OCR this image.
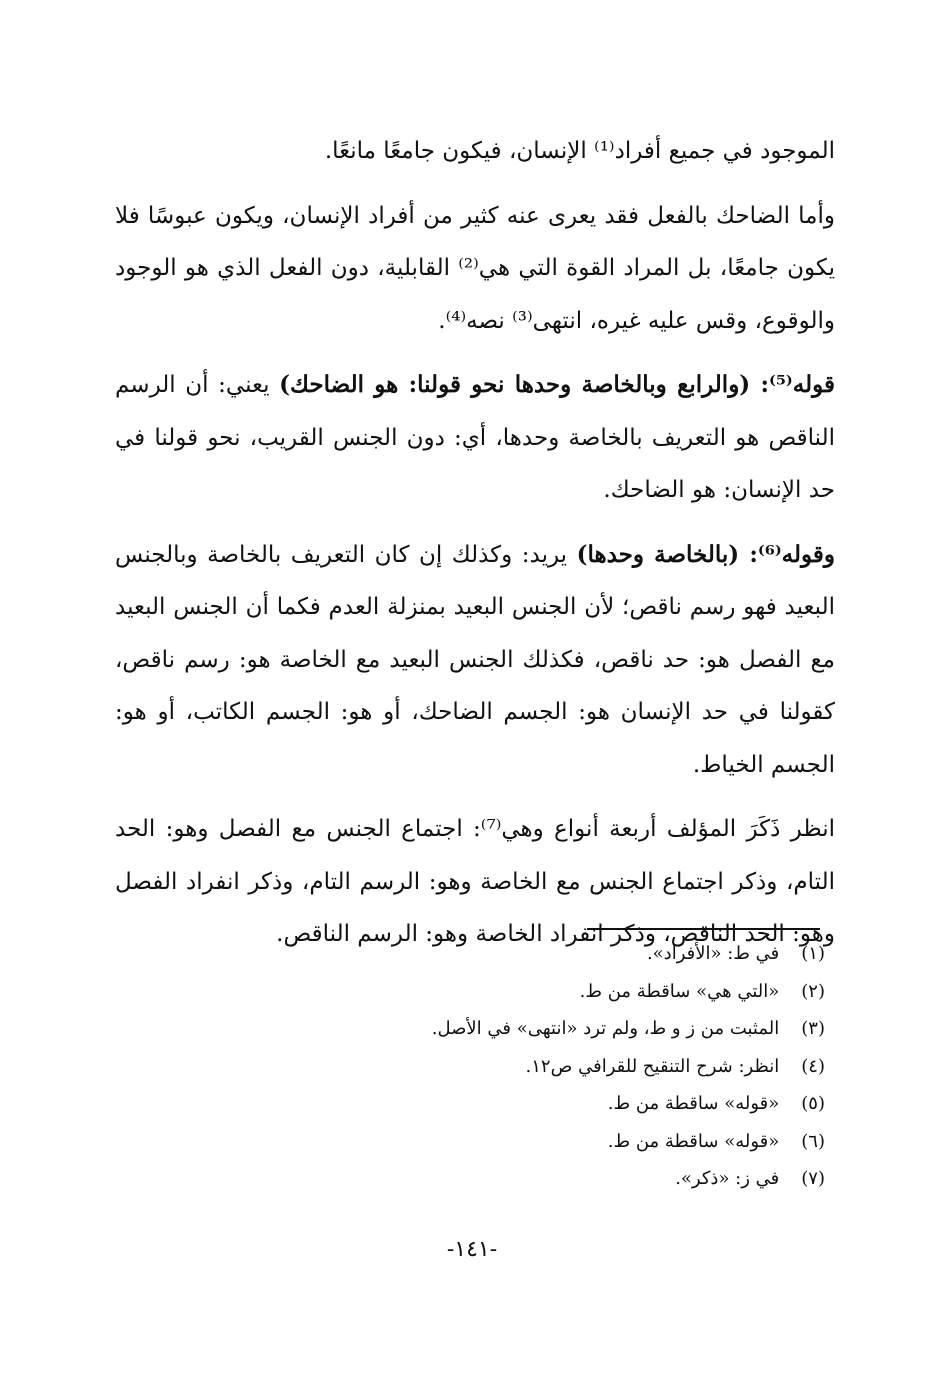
الموجود في جميع أفراد⁽¹⁾ الإنسان، فيكون جامعًا مانعًا.

وأما الضاحك بالفعل فقد يعرى عنه كثير من أفراد الإنسان، ويكون عبوسًا فلا يكون جامعًا، بل المراد القوة التي هي⁽²⁾ القابلية، دون الفعل الذي هو الوجود والوقوع، وقس عليه غيره، انتهى⁽³⁾ نصه⁽⁴⁾.

قوله⁽⁵⁾: (والرابع وبالخاصة وحدها نحو قولنا: هو الضاحك) يعني: أن الرسم الناقص هو التعريف بالخاصة وحدها، أي: دون الجنس القريب، نحو قولنا في حد الإنسان: هو الضاحك.

وقوله⁽⁶⁾: (بالخاصة وحدها) يريد: وكذلك إن كان التعريف بالخاصة وبالجنس البعيد فهو رسم ناقص؛ لأن الجنس البعيد بمنزلة العدم فكما أن الجنس البعيد مع الفصل هو: حد ناقص، فكذلك الجنس البعيد مع الخاصة هو: رسم ناقص، كقولنا في حد الإنسان هو: الجسم الضاحك، أو هو: الجسم الكاتب، أو هو: الجسم الخياط.

انظر ذَكَرَ المؤلف أربعة أنواع وهي⁽⁷⁾: اجتماع الجنس مع الفصل وهو: الحد التام، وذكر اجتماع الجنس مع الخاصة وهو: الرسم التام، وذكر انفراد الفصل وهو: الحد الناقص، وذكر انفراد الخاصة وهو: الرسم الناقص.

(١) في ط: «الأفراد».
(٢) «التي هي» ساقطة من ط.
(٣) المثبت من ز و ط، ولم ترد «انتهى» في الأصل.
(٤) انظر: شرح التنقيح للقرافي ص١٢.
(٥) «قوله» ساقطة من ط.
(٦) «قوله» ساقطة من ط.
(٧) في ز: «ذكر».
-١٤١-
